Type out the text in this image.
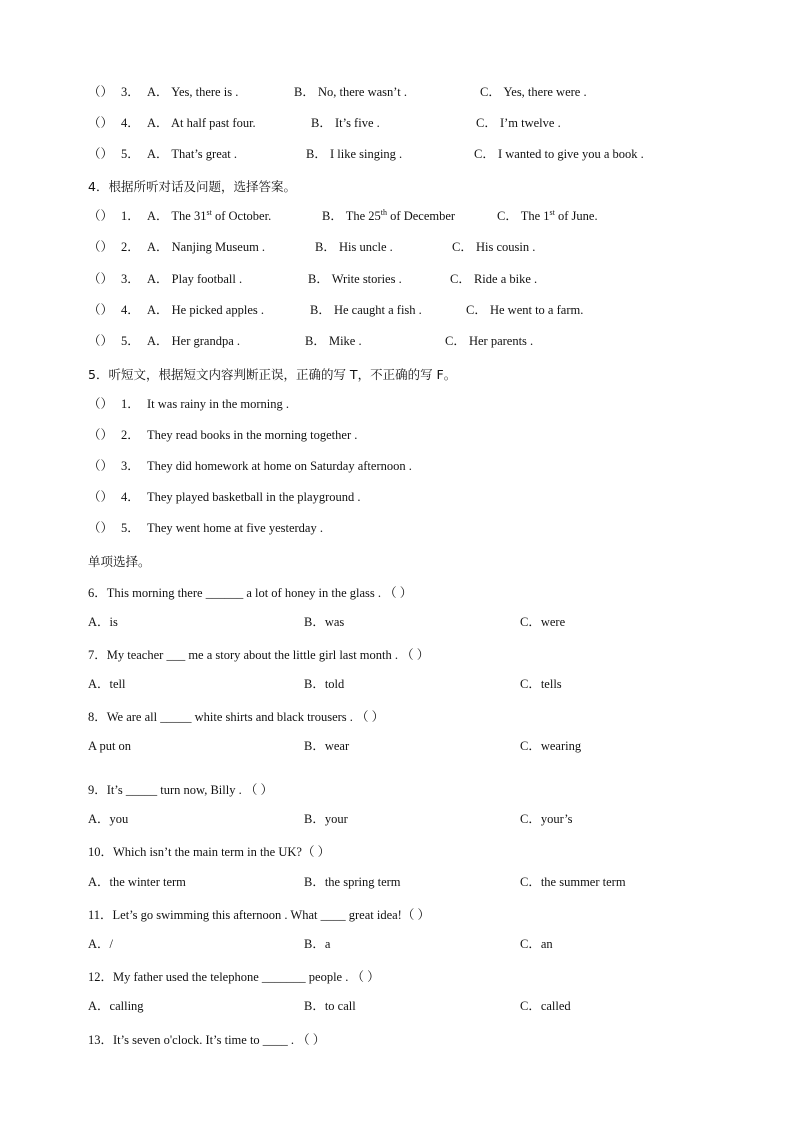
（） 3． A． Yes, there is .	B． No, there wasn’t .	C． Yes, there were .
（） 4． A． At half past four.	B． It’s five .	C． I’m twelve .
（） 5． A． That’s great .	B． I like singing .	C． I wanted to give you a book .
4．根据所听对话及问题，选择答案。
（） 1． A． The 31st of October.	B． The 25th of December	C． The 1st of June.
（） 2． A． Nanjing Museum .	B． His uncle .	C． His cousin .
（） 3． A． Play football .	B． Write stories .	C． Ride a bike .
（） 4． A． He picked apples .	B． He caught a fish .	C． He went to a farm.
（） 5． A． Her grandpa .	B． Mike .	C． Her parents .
5．听短文，根据短文内容判断正误，正确的写 T，不正确的写 F。
（） 1． It was rainy in the morning .
（） 2． They read books in the morning together .
（） 3． They did homework at home on Saturday afternoon .
（） 4． They played basketball in the playground .
（） 5． They went home at five yesterday .
单项选择。
6．This morning there ______ a lot of honey in the glass . （ ）
A．is	B．was	C．were
7．My teacher ___ me a story about the little girl last month . （ ）
A．tell	B．told	C．tells
8．We are all _____ white shirts and black trousers . （ ）
A put on	B．wear	C．wearing
9．It’s _____ turn now, Billy . （ ）
A．you	B．your	C．your’s
10．Which isn’t the main term in the UK?（ ）
A．the winter term	B．the spring term	C．the summer term
11．Let’s go swimming this afternoon . What ____ great idea!（ ）
A．/	B．a	C．an
12．My father used the telephone _______ people . （ ）
A．calling	B．to call	C．called
13．It’s seven o'clock. It’s time to ____ . （ ）
